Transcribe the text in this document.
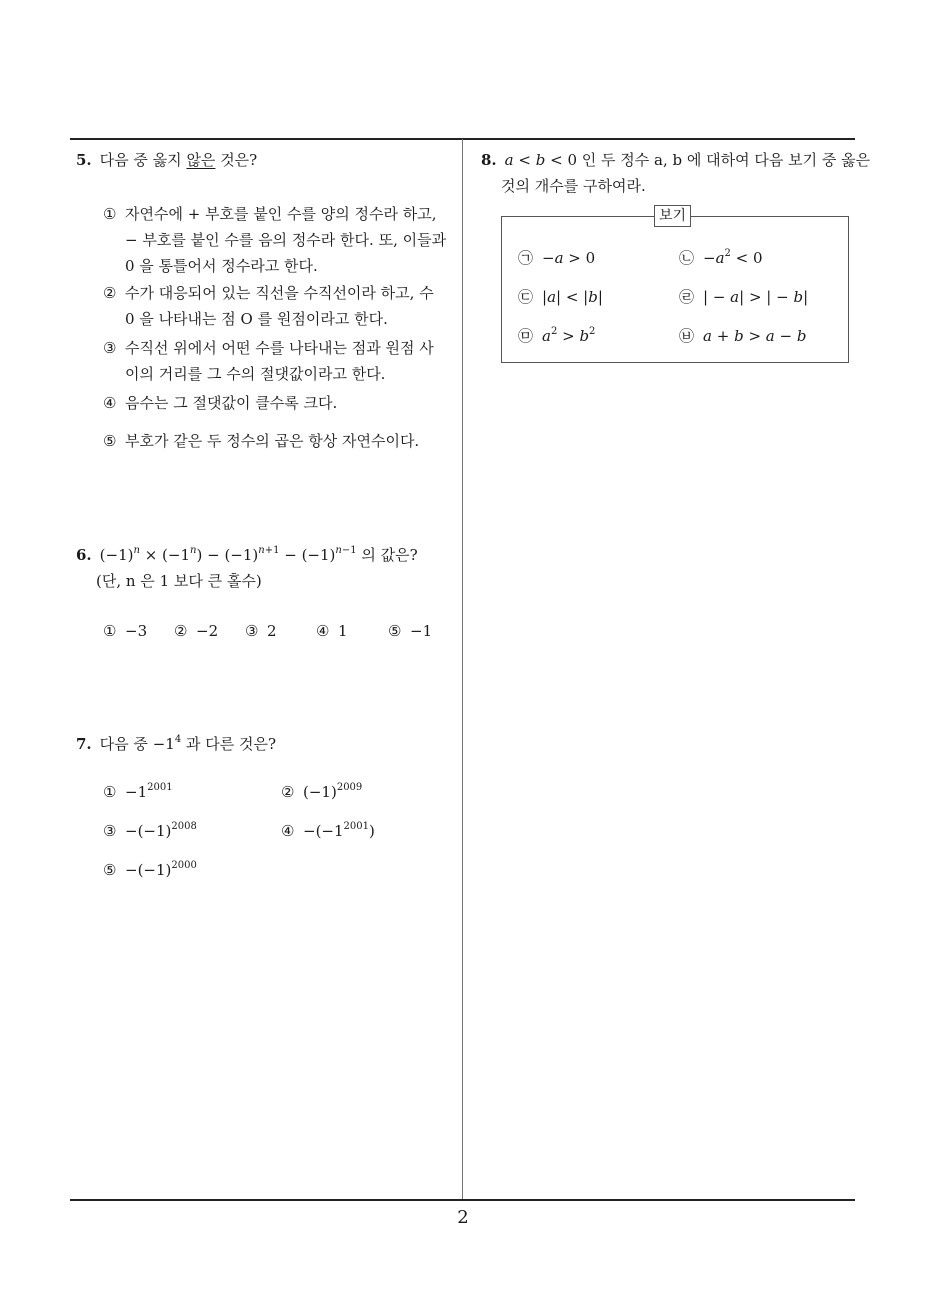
2
5. 다음 중 옳지 않은 것은?
① 자연수에 + 부호를 붙인 수를 양의 정수라 하고,
− 부호를 붙인 수를 음의 정수라 한다. 또, 이들과
0 을 통틀어서 정수라고 한다.
② 수가 대응되어 있는 직선을 수직선이라 하고, 수
0 을 나타내는 점 O 를 원점이라고 한다.
③ 수직선 위에서 어떤 수를 나타내는 점과 원점 사
이의 거리를 그 수의 절댓값이라고 한다.
④ 음수는 그 절댓값이 클수록 크다.
⑤ 부호가 같은 두 정수의 곱은 항상 자연수이다.
6. $(-1)^n \times (-1^n) - (-1)^{n+1} - (-1)^{n-1}$ 의 값은?
(단, n 은 1 보다 큰 홀수)
① −3 ② −2 ③ 2	④ 1	⑤ −1
7. 다음 중 $-1^4$ 과 다른 것은?
① $-1^{2001}$	② $(-1)^{2009}$
③ $-(-1)^{2008}$	④ $-(-1^{2001})$
⑤ $-(-1)^{2000}$
8. a < b < 0 인 두 정수 a, b 에 대하여 다음 보기 중 옳은
것의 개수를 구하여라.
보기
㉠ −a > 0	㉡ $-a^2 < 0$
㉢ |a| < |b|	㉣ | − a| > | − b|
㉤ $a^2 > b^2$	㉥ a + b > a − b
